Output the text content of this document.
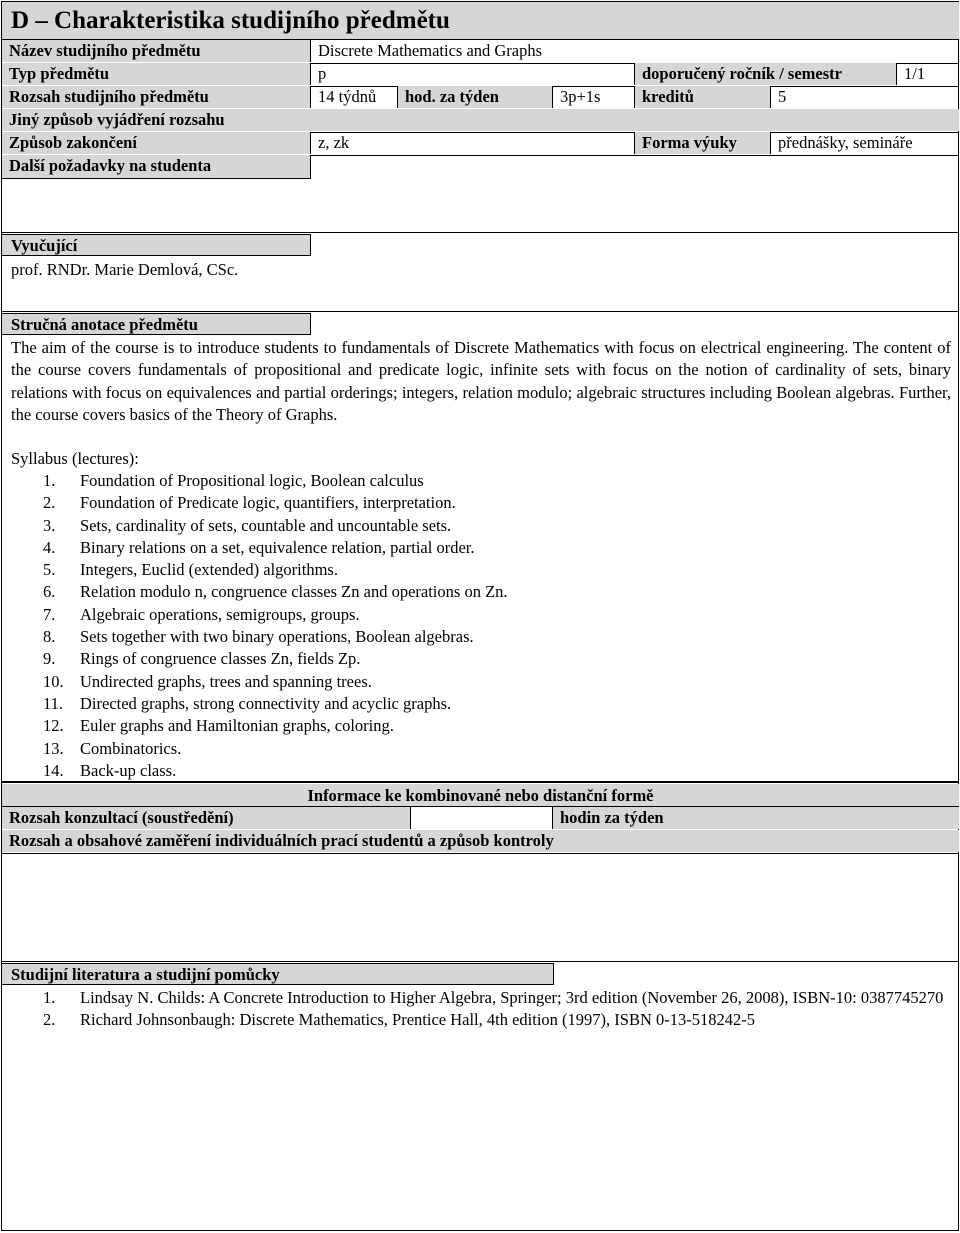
D – Charakteristika studijního předmětu
Název studijního předmětu	Discrete Mathematics and Graphs
Typ předmětu	p	doporučený ročník / semestr	1/1
Rozsah studijního předmětu	14 týdnů	hod. za týden	3p+1s	kreditů	5
Jiný způsob vyjádření rozsahu
Způsob zakončení	z, zk	Forma výuky	přednášky, semináře
Další požadavky na studenta
Vyučující
prof. RNDr. Marie Demlová, CSc.
Stručná anotace předmětu
The aim of the course is to introduce students to fundamentals of Discrete Mathematics with focus on electrical engineering. The content of the course covers fundamentals of propositional and predicate logic, infinite sets with focus on the notion of cardinality of sets, binary relations with focus on equivalences and partial orderings; integers, relation modulo; algebraic structures including Boolean algebras. Further, the course covers basics of the Theory of Graphs.
Syllabus (lectures):
1. Foundation of Propositional logic, Boolean calculus
2. Foundation of Predicate logic, quantifiers, interpretation.
3. Sets, cardinality of sets, countable and uncountable sets.
4. Binary relations on a set, equivalence relation, partial order.
5. Integers, Euclid (extended) algorithms.
6. Relation modulo n, congruence classes Zn and operations on Zn.
7. Algebraic operations, semigroups, groups.
8. Sets together with two binary operations, Boolean algebras.
9. Rings of congruence classes Zn, fields Zp.
10. Undirected graphs, trees and spanning trees.
11. Directed graphs, strong connectivity and acyclic graphs.
12. Euler graphs and Hamiltonian graphs, coloring.
13. Combinatorics.
14. Back-up class.
Informace ke kombinované nebo distanční formě
Rozsah konzultací (soustředění)	hodin za týden
Rozsah a obsahové zaměření individuálních prací studentů a způsob kontroly
Studijní literatura a studijní pomůcky
1. Lindsay N. Childs: A Concrete Introduction to Higher Algebra, Springer; 3rd edition (November 26, 2008), ISBN-10: 0387745270
2. Richard Johnsonbaugh: Discrete Mathematics, Prentice Hall, 4th edition (1997), ISBN 0-13-518242-5
